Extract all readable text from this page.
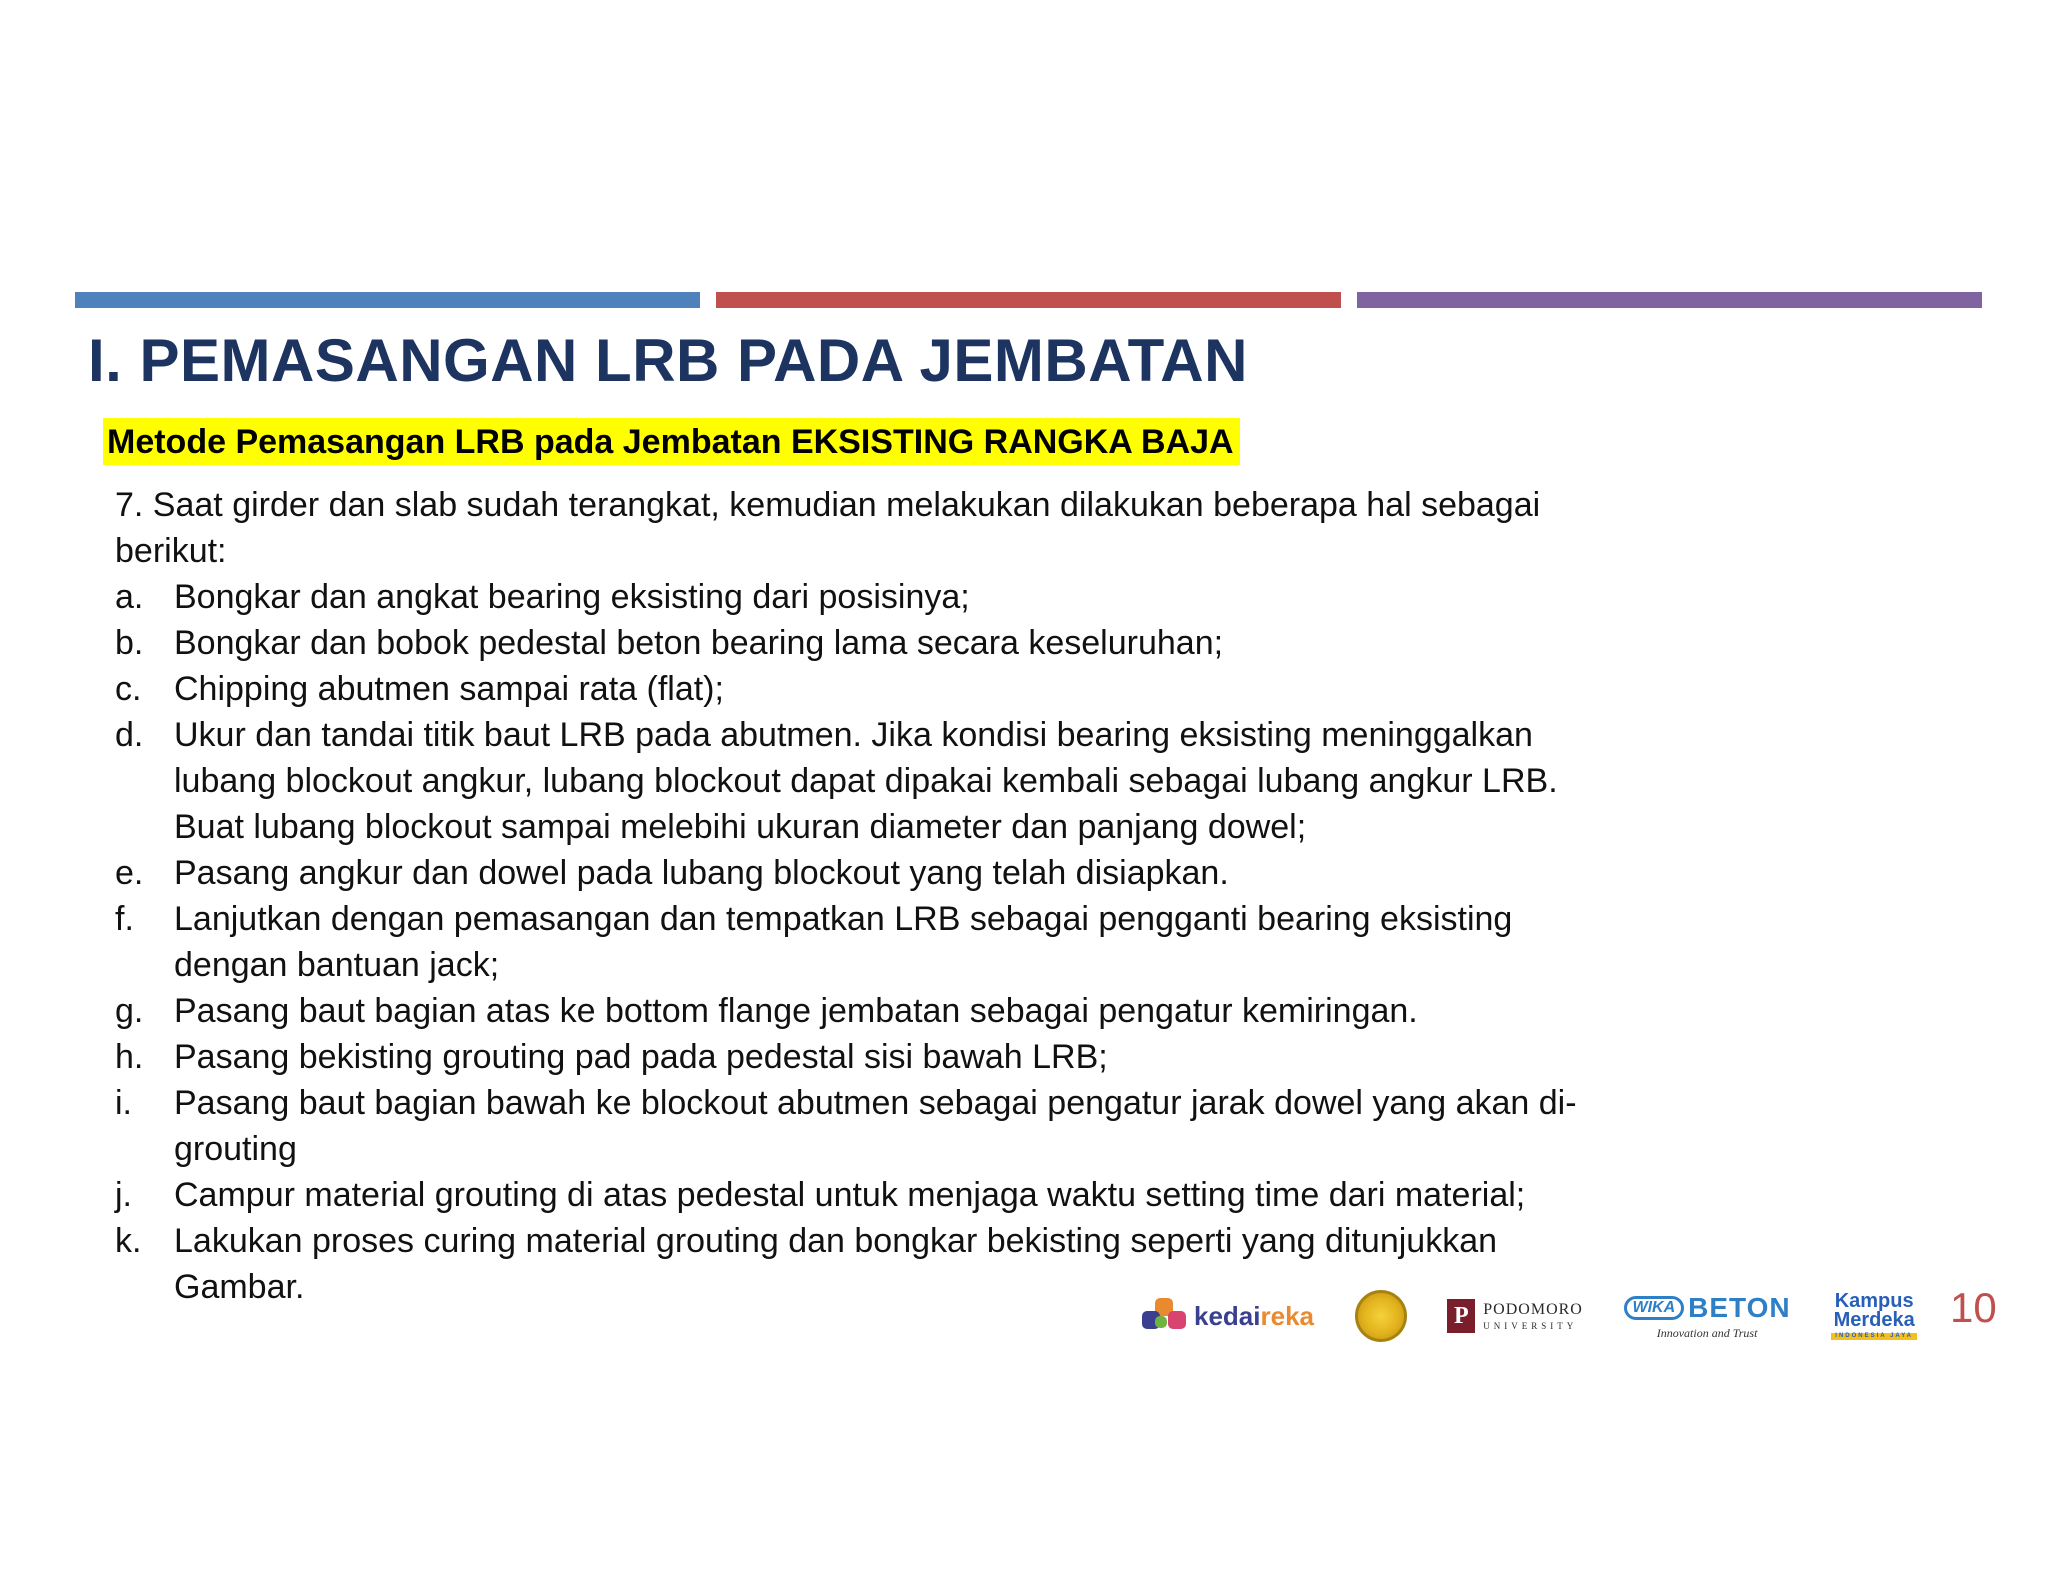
I. PEMASANGAN LRB PADA JEMBATAN
Metode Pemasangan LRB pada Jembatan EKSISTING RANGKA BAJA

7. Saat girder dan slab sudah terangkat, kemudian melakukan dilakukan beberapa hal sebagai berikut:

a. Bongkar dan angkat bearing eksisting dari posisinya;
b. Bongkar dan bobok pedestal beton bearing lama secara keseluruhan;
c. Chipping abutmen sampai rata (flat);
d. Ukur dan tandai titik baut LRB pada abutmen. Jika kondisi bearing eksisting meninggalkan lubang blockout angkur, lubang blockout dapat dipakai kembali sebagai lubang angkur LRB. Buat lubang blockout sampai melebihi ukuran diameter dan panjang dowel;
e. Pasang angkur dan dowel pada lubang blockout yang telah disiapkan.
f.	Lanjutkan dengan pemasangan dan tempatkan LRB sebagai pengganti bearing eksisting dengan bantuan jack;
g. Pasang baut bagian atas ke bottom flange jembatan sebagai pengatur kemiringan.
h. Pasang bekisting grouting pad pada pedestal sisi bawah LRB;
i.	Pasang baut bagian bawah ke blockout abutmen sebagai pengatur jarak dowel yang akan di-grouting
j.	Campur material grouting di atas pedestal untuk menjaga waktu setting time dari material;
k. Lakukan proses curing material grouting dan bongkar bekisting seperti yang ditunjukkan Gambar.
kedaireka	P PODOMORO
UNIVERSITY
WIKA BETON
Innovation and Trust
Kampus
Merdeka
INDONESIA JAYA
10
